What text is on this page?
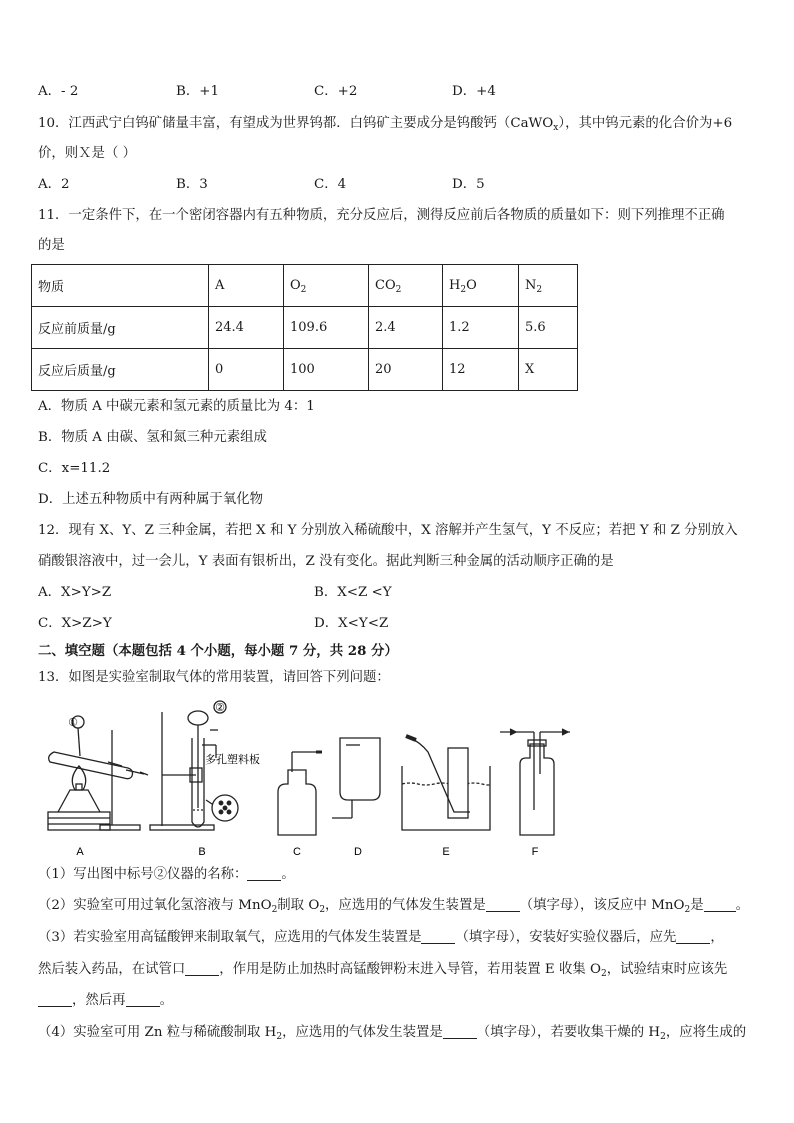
A．- 2	B．+1	C．+2	D．+4
10．江西武宁白钨矿储量丰富，有望成为世界钨都．白钨矿主要成分是钨酸钙（CaWO$_x$），其中钨元素的化合价为+6
价，则Ｘ是（ ）
A．2	B．3	C．4	D．5
11．一定条件下，在一个密闭容器内有五种物质，充分反应后，测得反应前后各物质的质量如下：则下列推理不正确
的是
物质	A	$O_2$	$CO_2$	$H_2O$	$N_2$
反应前质量/g	24.4	109.6	2.4	1.2	5.6
反应后质量/g	0	100	20	12	X
A．物质 A 中碳元素和氢元素的质量比为 4：1
B．物质 A 由碳、氢和氮三种元素组成
C．x=11.2
D．上述五种物质中有两种属于氧化物
12．现有 X、Y、Z 三种金属，若把 X 和 Y 分别放入稀硫酸中，X 溶解并产生氢气，Y 不反应；若把 Y 和 Z 分别放入
硝酸银溶液中，过一会儿，Y 表面有银析出，Z 没有变化。据此判断三种金属的活动顺序正确的是
A．X>Y>Z	B．X<Z <Y
C．X>Z>Y	D．X<Y<Z
二、填空题（本题包括 4 个小题，每小题 7 分，共 28 分）
13．如图是实验室制取气体的常用装置，请回答下列问题：
①
②
多孔塑料板
A	B	C	D	E	F
（1）写出图中标号②仪器的名称：	。
（2）实验室可用过氧化氢溶液与 MnO$_2$制取 $O_2$，应选用的气体发生装置是	（填字母），该反应中 MnO$_2$是 。
（3）若实验室用高锰酸钾来制取氧气，应选用的气体发生装置是	（填字母），安装好实验仪器后，应先	，
然后装入药品，在试管口	，作用是防止加热时高锰酸钾粉末进入导管，若用装置 E 收集 $O_2$，试验结束时应该先
，然后再	。
（4）实验室可用 Zn 粒与稀硫酸制取 $H_2$，应选用的气体发生装置是	（填字母），若要收集干燥的 $H_2$，应将生成的
